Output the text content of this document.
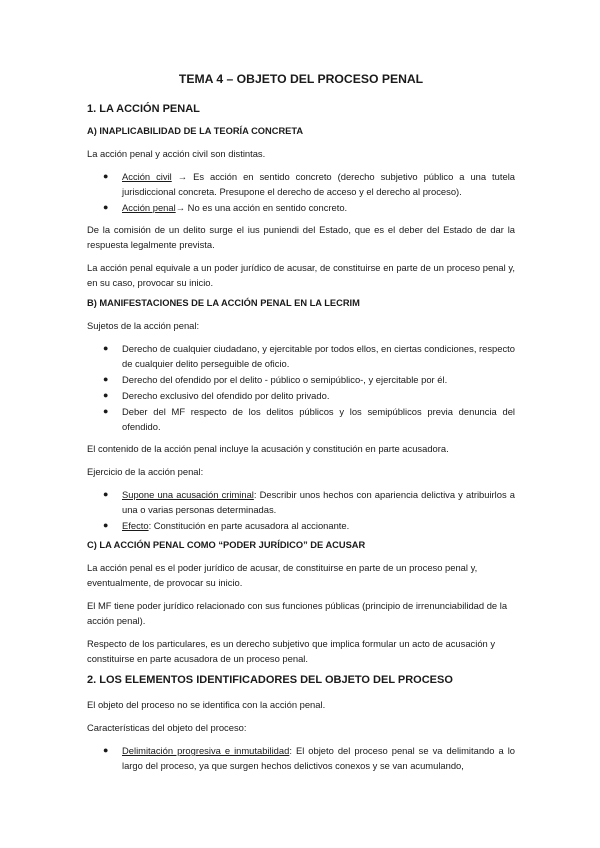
TEMA 4 – OBJETO DEL PROCESO PENAL
1. LA ACCIÓN PENAL
A) INAPLICABILIDAD DE LA TEORÍA CONCRETA

La acción penal y acción civil son distintas.

● Acción civil → Es acción en sentido concreto (derecho subjetivo público a una tutela jurisdiccional concreta. Presupone el derecho de acceso y el derecho al proceso).
● Acción penal→ No es una acción en sentido concreto.

De la comisión de un delito surge el ius puniendi del Estado, que es el deber del Estado de dar la respuesta legalmente prevista.

La acción penal equivale a un poder jurídico de acusar, de constituirse en parte de un proceso penal y, en su caso, provocar su inicio.

B) MANIFESTACIONES DE LA ACCIÓN PENAL EN LA LECRIM

Sujetos de la acción penal:

● Derecho de cualquier ciudadano, y ejercitable por todos ellos, en ciertas condiciones, respecto de cualquier delito perseguible de oficio.
● Derecho del ofendido por el delito - público o semipúblico-, y ejercitable por él.
● Derecho exclusivo del ofendido por delito privado.
● Deber del MF respecto de los delitos públicos y los semipúblicos previa denuncia del ofendido.

El contenido de la acción penal incluye la acusación y constitución en parte acusadora.

Ejercicio de la acción penal:

● Supone una acusación criminal: Describir unos hechos con apariencia delictiva y atribuirlos a una o varias personas determinadas.
● Efecto: Constitución en parte acusadora al accionante.
C) LA ACCIÓN PENAL COMO “PODER JURÍDICO” DE ACUSAR

La acción penal es el poder jurídico de acusar, de constituirse en parte de un proceso penal y, eventualmente, de provocar su inicio.

El MF tiene poder jurídico relacionado con sus funciones públicas (principio de irrenunciabilidad de la acción penal).

Respecto de los particulares, es un derecho subjetivo que implica formular un acto de acusación y constituirse en parte acusadora de un proceso penal.

2. LOS ELEMENTOS IDENTIFICADORES DEL OBJETO DEL PROCESO

El objeto del proceso no se identifica con la acción penal.

Características del objeto del proceso:

● Delimitación progresiva e inmutabilidad: El objeto del proceso penal se va delimitando a lo largo del proceso, ya que surgen hechos delictivos conexos y se van acumulando,
